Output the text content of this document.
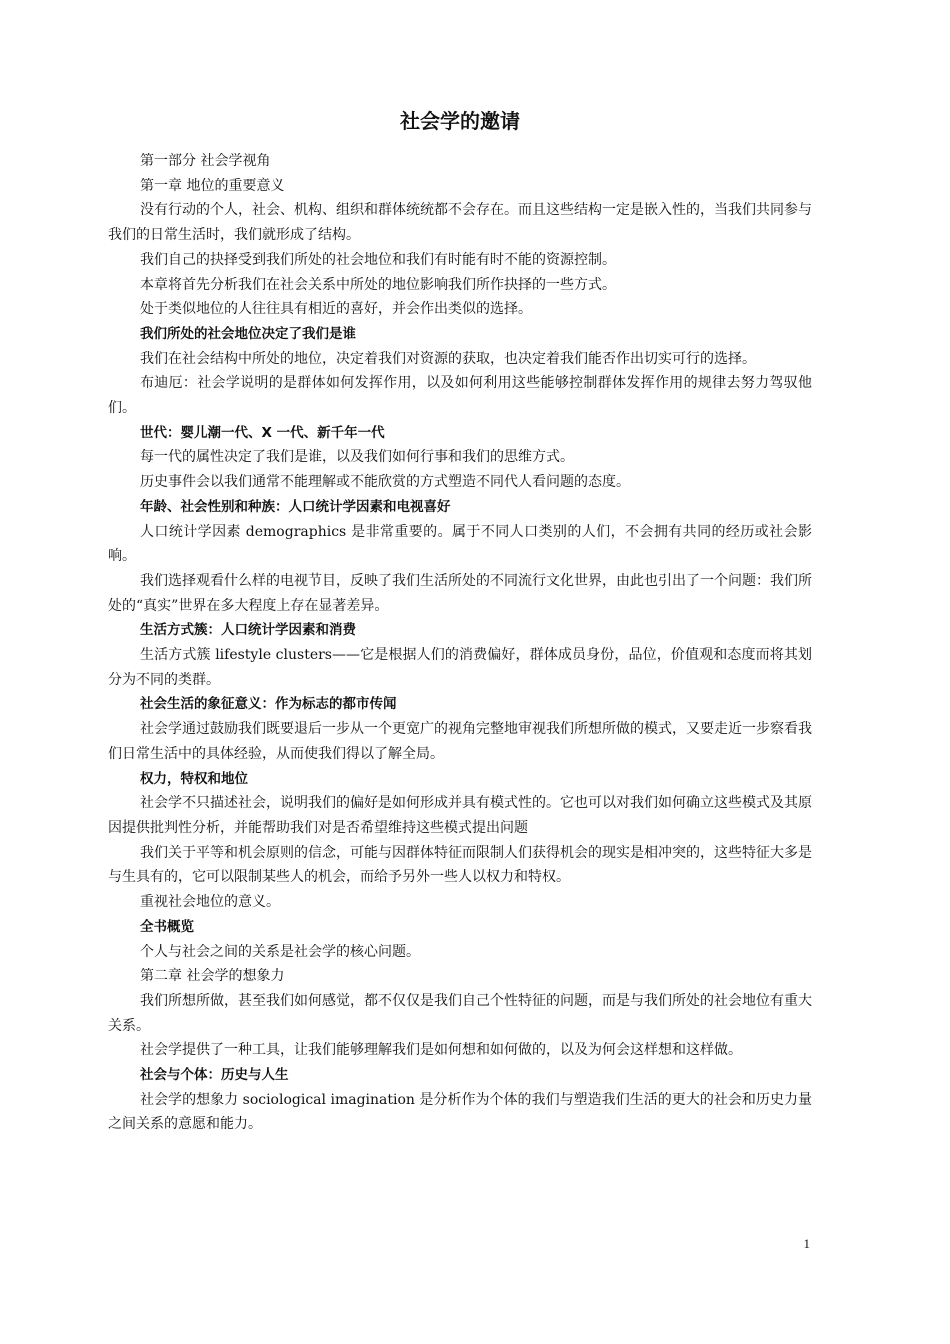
社会学的邀请

第一部分 社会学视角

第一章 地位的重要意义

没有行动的个人，社会、机构、组织和群体统统都不会存在。而且这些结构一定是嵌入性的，当我们共同参与我们的日常生活时，我们就形成了结构。

我们自己的抉择受到我们所处的社会地位和我们有时能有时不能的资源控制。

本章将首先分析我们在社会关系中所处的地位影响我们所作抉择的一些方式。

处于类似地位的人往往具有相近的喜好，并会作出类似的选择。

我们所处的社会地位决定了我们是谁

我们在社会结构中所处的地位，决定着我们对资源的获取，也决定着我们能否作出切实可行的选择。

布迪厄：社会学说明的是群体如何发挥作用，以及如何利用这些能够控制群体发挥作用的规律去努力驾驭他们。

世代：婴儿潮一代、X 一代、新千年一代

每一代的属性决定了我们是谁，以及我们如何行事和我们的思维方式。

历史事件会以我们通常不能理解或不能欣赏的方式塑造不同代人看问题的态度。

年龄、社会性别和种族：人口统计学因素和电视喜好

人口统计学因素 demographics 是非常重要的。属于不同人口类别的人们，不会拥有共同的经历或社会影响。

我们选择观看什么样的电视节目，反映了我们生活所处的不同流行文化世界，由此也引出了一个问题：我们所处的“真实”世界在多大程度上存在显著差异。

生活方式簇：人口统计学因素和消费

生活方式簇 lifestyle clusters——它是根据人们的消费偏好，群体成员身份，品位，价值观和态度而将其划分为不同的类群。

社会生活的象征意义：作为标志的都市传闻

社会学通过鼓励我们既要退后一步从一个更宽广的视角完整地审视我们所想所做的模式，又要走近一步察看我们日常生活中的具体经验，从而使我们得以了解全局。

权力，特权和地位

社会学不只描述社会，说明我们的偏好是如何形成并具有模式性的。它也可以对我们如何确立这些模式及其原因提供批判性分析，并能帮助我们对是否希望维持这些模式提出问题

我们关于平等和机会原则的信念，可能与因群体特征而限制人们获得机会的现实是相冲突的，这些特征大多是与生具有的，它可以限制某些人的机会，而给予另外一些人以权力和特权。

重视社会地位的意义。

全书概览

个人与社会之间的关系是社会学的核心问题。

第二章 社会学的想象力

我们所想所做，甚至我们如何感觉，都不仅仅是我们自己个性特征的问题，而是与我们所处的社会地位有重大关系。

社会学提供了一种工具，让我们能够理解我们是如何想和如何做的，以及为何会这样想和这样做。

社会与个体：历史与人生

社会学的想象力 sociological imagination 是分析作为个体的我们与塑造我们生活的更大的社会和历史力量之间关系的意愿和能力。

1
